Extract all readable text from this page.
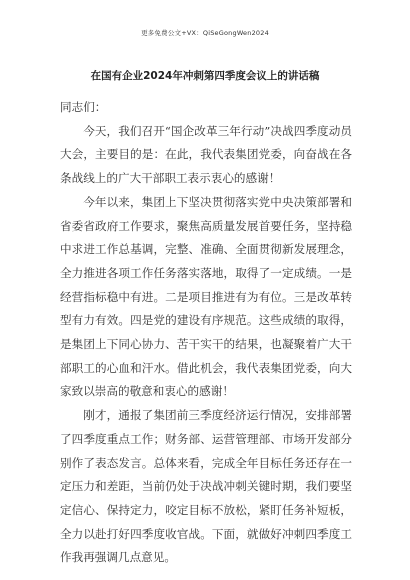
更多免费公文+VX：QiSeGongWen2024
在国有企业2024年冲刺第四季度会议上的讲话稿

同志们：

今天，我们召开“国企改革三年行动”决战四季度动员大会，主要目的是：在此，我代表集团党委，向奋战在各条战线上的广大干部职工表示衷心的感谢！

今年以来，集团上下坚决贯彻落实党中央决策部署和省委省政府工作要求，聚焦高质量发展首要任务，坚持稳中求进工作总基调，完整、准确、全面贯彻新发展理念，全力推进各项工作任务落实落地，取得了一定成绩。一是经营指标稳中有进。二是项目推进有为有位。三是改革转型有力有效。四是党的建设有序规范。这些成绩的取得，是集团上下同心协力、苦干实干的结果，也凝聚着广大干部职工的心血和汗水。借此机会，我代表集团党委，向大家致以崇高的敬意和衷心的感谢！

刚才，通报了集团前三季度经济运行情况，安排部署了四季度重点工作；财务部、运营管理部、市场开发部分别作了表态发言。总体来看，完成全年目标任务还存在一定压力和差距，当前仍处于决战冲刺关键时期，我们要坚定信心、保持定力，咬定目标不放松，紧盯任务补短板，全力以赴打好四季度收官战。下面，就做好冲刺四季度工作我再强调几点意见。
